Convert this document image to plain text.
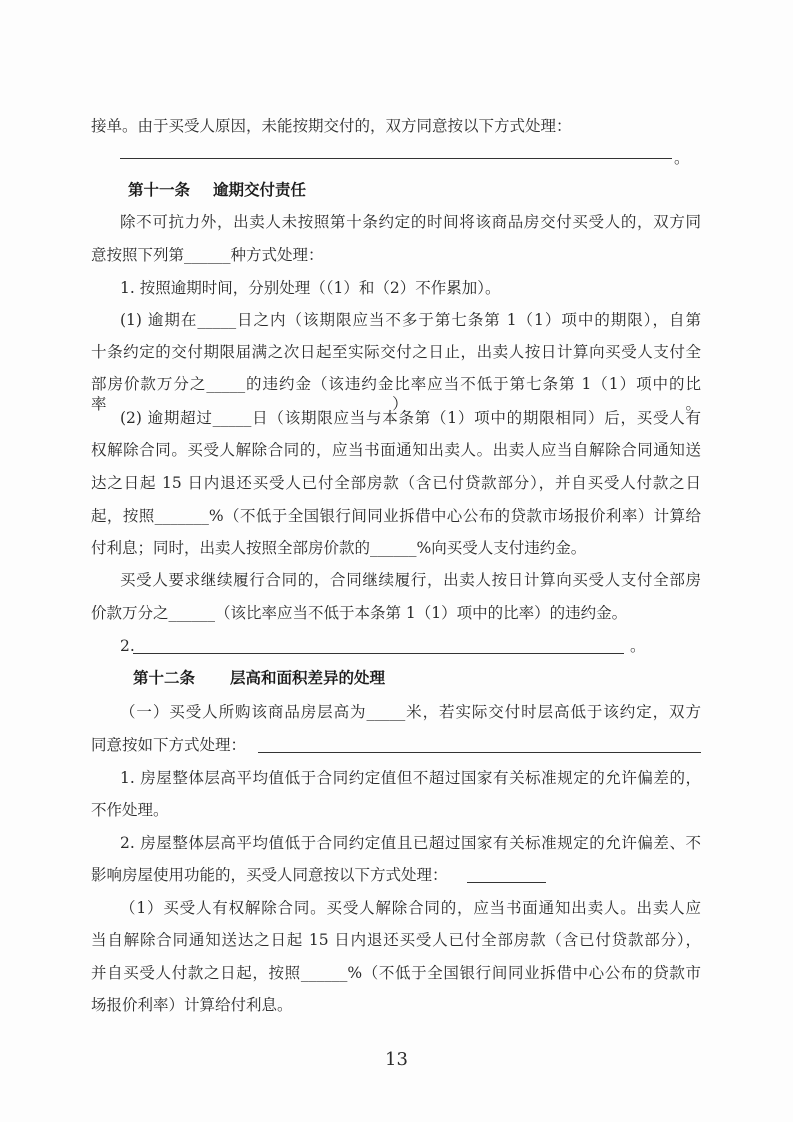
接单。由于买受人原因，未能按期交付的，双方同意按以下方式处理：
。
第十一条 逾期交付责任
除不可抗力外，出卖人未按照第十条约定的时间将该商品房交付买受人的，双方同
意按照下列第______种方式处理：
1. 按照逾期时间，分别处理（（1）和（2）不作累加）。
(1) 逾期在_____日之内（该期限应当不多于第七条第 1（1）项中的期限），自第
十条约定的交付期限届满之次日起至实际交付之日止，出卖人按日计算向买受人支付全
部房价款万分之_____的违约金（该违约金比率应当不低于第七条第 1（1）项中的比率）。
(2) 逾期超过_____日（该期限应当与本条第（1）项中的期限相同）后，买受人有
权解除合同。买受人解除合同的，应当书面通知出卖人。出卖人应当自解除合同通知送
达之日起 15 日内退还买受人已付全部房款（含已付贷款部分），并自买受人付款之日
起，按照_______%（不低于全国银行间同业拆借中心公布的贷款市场报价利率）计算给
付利息；同时，出卖人按照全部房价款的______%向买受人支付违约金。
买受人要求继续履行合同的，合同继续履行，出卖人按日计算向买受人支付全部房
价款万分之______（该比率应当不低于本条第 1（1）项中的比率）的违约金。
2.	。
第十二条 层高和面积差异的处理
（一）买受人所购该商品房层高为_____米，若实际交付时层高低于该约定，双方
同意按如下方式处理：
1. 房屋整体层高平均值低于合同约定值但不超过国家有关标准规定的允许偏差的，
不作处理。
2. 房屋整体层高平均值低于合同约定值且已超过国家有关标准规定的允许偏差、不
影响房屋使用功能的，买受人同意按以下方式处理：
（1）买受人有权解除合同。买受人解除合同的，应当书面通知出卖人。出卖人应
当自解除合同通知送达之日起 15 日内退还买受人已付全部房款（含已付贷款部分），
并自买受人付款之日起，按照______%（不低于全国银行间同业拆借中心公布的贷款市
场报价利率）计算给付利息。
13
